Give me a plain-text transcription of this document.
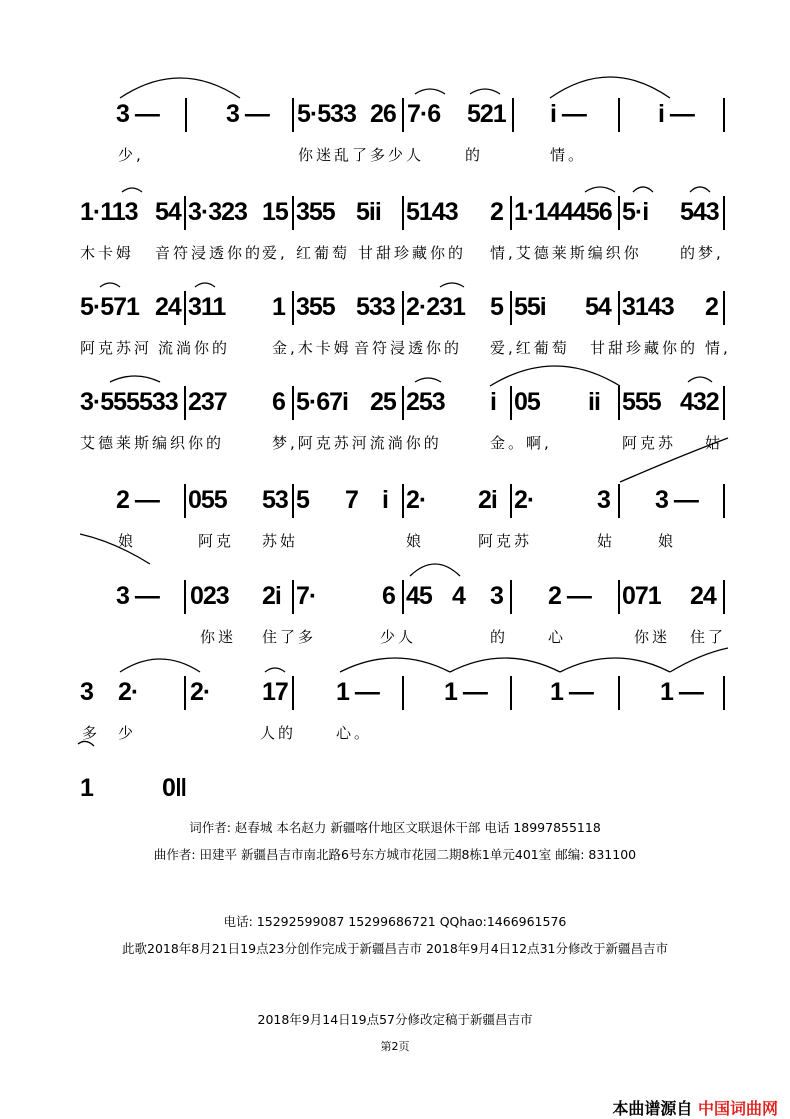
3 —	3 — 5·533 26 7·6 521 i —	i —
少,	你迷乱了多少人	的	情。
1·113 54 3·323 15 355 5ii 5143 2 1·144456 5·i 543
木卡姆 音符浸透你的
爱, 红葡萄 甘甜珍藏你的 情,艾德莱斯编织你	的梦,
5·571 24 311 1 355 533 2·231 5 55i 54 3143 2
阿克苏河 流淌你的	金,木卡姆 音符浸透你的 爱,红葡萄 甘甜珍藏你的 情,
3·555533 237 6 5·67i 25 253 i 05 ii 555 432
艾德莱斯编织你的	梦,阿克苏河流淌你的	金。啊,	阿克苏 姑
2 — 055 53 5 7 i 2· 2i 2·	3 3 —
娘	阿克 苏姑	娘	阿克苏	姑	娘
3 — 023 2i 7·	6 45 4 3 2 — 071 24
你迷 住了多	少人	的	心	你迷 住了
3 2· 2· 17 1 —	1 —	1 —	1 —
多 少	人的	心。
1	0‖
词作者: 赵春城 本名赵力 新疆喀什地区文联退休干部 电话 18997855118
曲作者: 田建平 新疆昌吉市南北路6号东方城市花园二期8栋1单元401室 邮编: 831100
电话: 15292599087 15299686721 QQhao:1466961576
此歌2018年8月21日19点23分创作完成于新疆昌吉市 2018年9月4日12点31分修改于新疆昌吉市
2018年9月14日19点57分修改定稿于新疆昌吉市
第2页
本曲谱源自 中国词曲网
